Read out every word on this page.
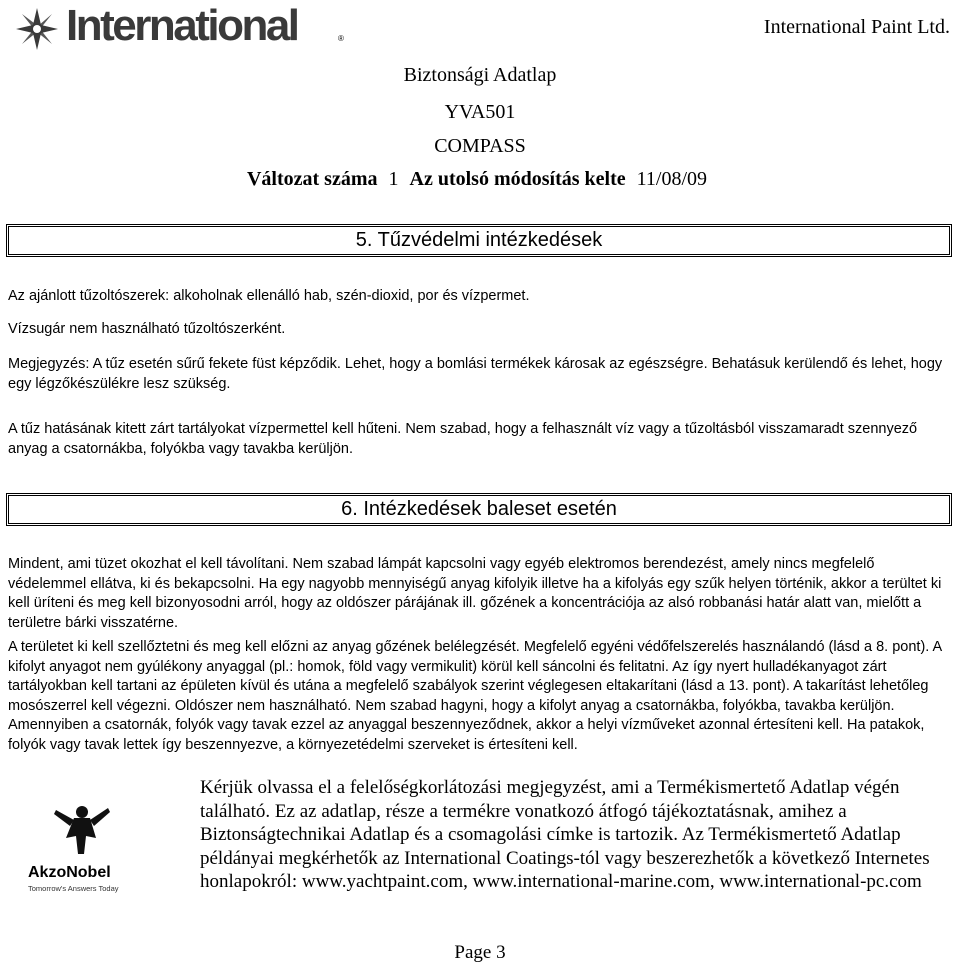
International	®
International Paint Ltd.
Biztonsági Adatlap
YVA501
COMPASS
Változat száma 1 Az utolsó módosítás kelte 11/08/09
5. Tűzvédelmi intézkedések

Az ajánlott tűzoltószerek: alkoholnak ellenálló hab, szén-dioxid, por és vízpermet.

Vízsugár nem használható tűzoltószerként.

Megjegyzés: A tűz esetén sűrű fekete füst képződik. Lehet, hogy a bomlási termékek károsak az egészségre. Behatásuk kerülendő és lehet, hogy egy légzőkészülékre lesz szükség.

A tűz hatásának kitett zárt tartályokat vízpermettel kell hűteni. Nem szabad, hogy a felhasznált víz vagy a tűzoltásból visszamaradt szennyező anyag a csatornákba, folyókba vagy tavakba kerüljön.

6. Intézkedések baleset esetén

Mindent, ami tüzet okozhat el kell távolítani. Nem szabad lámpát kapcsolni vagy egyéb elektromos berendezést, amely nincs megfelelő védelemmel ellátva, ki és bekapcsolni. Ha egy nagyobb mennyiségű anyag kifolyik illetve ha a kifolyás egy szűk helyen történik, akkor a terültet ki kell üríteni és meg kell bizonyosodni arról, hogy az oldószer párájának ill. gőzének a koncentrációja az alsó robbanási határ alatt van, mielőtt a területre bárki visszatérne.

A területet ki kell szellőztetni és meg kell előzni az anyag gőzének belélegzését. Megfelelő egyéni védőfelszerelés használandó (lásd a 8. pont). A kifolyt anyagot nem gyúlékony anyaggal (pl.: homok, föld vagy vermikulit) körül kell sáncolni és felitatni. Az így nyert hulladékanyagot zárt tartályokban kell tartani az épületen kívül és utána a megfelelő szabályok szerint véglegesen eltakarítani (lásd a 13. pont). A takarítást lehetőleg mosószerrel kell végezni. Oldószer nem használható. Nem szabad hagyni, hogy a kifolyt anyag a csatornákba, folyókba, tavakba kerüljön. Amennyiben a csatornák, folyók vagy tavak ezzel az anyaggal beszennyeződnek, akkor a helyi vízműveket azonnal értesíteni kell. Ha patakok, folyók vagy tavak lettek így beszennyezve, a környezetédelmi szerveket is értesíteni kell.

AkzoNobel
Tomorrow's Answers Today

Kérjük olvassa el a felelőségkorlátozási megjegyzést, ami a Termékismertető Adatlap végén található. Ez az adatlap, része a termékre vonatkozó átfogó tájékoztatásnak, amihez a Biztonságtechnikai Adatlap és a csomagolási címke is tartozik. Az Termékismertető Adatlap példányai megkérhetők az International Coatings-tól vagy beszerezhetők a következő Internetes honlapokról: www.yachtpaint.com, www.international-marine.com, www.international-pc.com

Page 3
